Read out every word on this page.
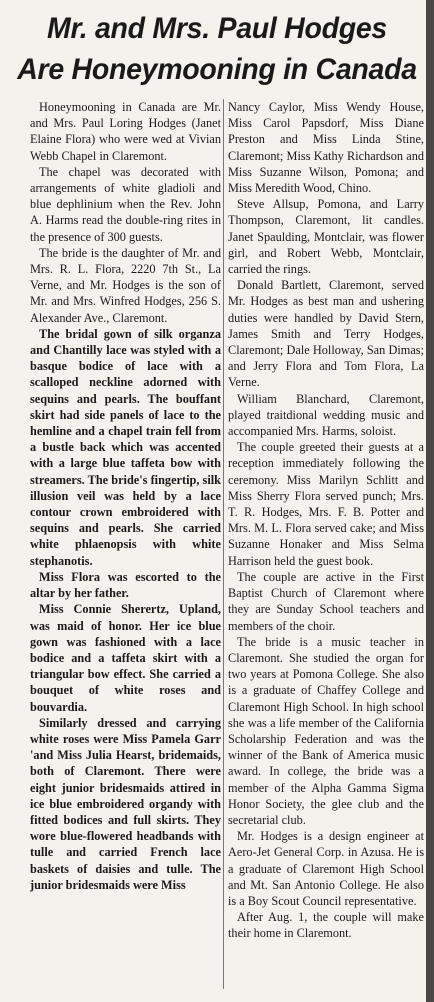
Mr. and Mrs. Paul Hodges
Are Honeymooning in Canada

Honeymooning in Canada are Mr. and Mrs. Paul Loring Hodges (Janet Elaine Flora) who were wed at Vivian Webb Chapel in Claremont.

The chapel was decorated with arrangements of white gladioli and blue dephlinium when the Rev. John A. Harms read the double-ring rites in the presence of 300 guests.

The bride is the daughter of Mr. and Mrs. R. L. Flora, 2220 7th St., La Verne, and Mr. Hodges is the son of Mr. and Mrs. Winfred Hodges, 256 S. Alexander Ave., Claremont.

The bridal gown of silk organza and Chantilly lace was styled with a basque bodice of lace with a scalloped neckline adorned with sequins and pearls. The bouffant skirt had side panels of lace to the hemline and a chapel train fell from a bustle back which was accented with a large blue taffeta bow with streamers. The bride's fingertip, silk illusion veil was held by a lace contour crown embroidered with sequins and pearls. She carried white phlaenopsis with white stephanotis.

Miss Flora was escorted to the altar by her father.

Miss Connie Sherertz, Upland, was maid of honor. Her ice blue gown was fashioned with a lace bodice and a taffeta skirt with a triangular bow effect. She carried a bouquet of white roses and bouvardia.

Similarly dressed and carrying white roses were Miss Pamela Garr 'and Miss Julia Hearst, bridemaids, both of Claremont. There were eight junior bridesmaids attired in ice blue embroidered organdy with fitted bodices and full skirts. They wore blue-flowered headbands with tulle and carried French lace baskets of daisies and tulle. The junior bridesmaids were Miss

Nancy Caylor, Miss Wendy House, Miss Carol Papsdorf, Miss Diane Preston and Miss Linda Stine, Claremont; Miss Kathy Richardson and Miss Suzanne Wilson, Pomona; and Miss Meredith Wood, Chino.

Steve Allsup, Pomona, and Larry Thompson, Claremont, lit candles. Janet Spaulding, Montclair, was flower girl, and Robert Webb, Montclair, carried the rings.

Donald Bartlett, Claremont, served Mr. Hodges as best man and ushering duties were handled by David Stern, James Smith and Terry Hodges, Claremont; Dale Holloway, San Dimas; and Jerry Flora and Tom Flora, La Verne.

William Blanchard, Claremont, played traitdional wedding music and accompanied Mrs. Harms, soloist.

The couple greeted their guests at a reception immediately following the ceremony. Miss Marilyn Schlitt and Miss Sherry Flora served punch; Mrs. T. R. Hodges, Mrs. F. B. Potter and Mrs. M. L. Flora served cake; and Miss Suzanne Honaker and Miss Selma Harrison held the guest book.

The couple are active in the First Baptist Church of Claremont where they are Sunday School teachers and members of the choir.

The bride is a music teacher in Claremont. She studied the organ for two years at Pomona College. She also is a graduate of Chaffey College and Claremont High School. In high school she was a life member of the California Scholarship Federation and was the winner of the Bank of America music award. In college, the bride was a member of the Alpha Gamma Sigma Honor Society, the glee club and the secretarial club.

Mr. Hodges is a design engineer at Aero-Jet General Corp. in Azusa. He is a graduate of Claremont High School and Mt. San Antonio College. He also is a Boy Scout Council representative.

After Aug. 1, the couple will make their home in Claremont.
